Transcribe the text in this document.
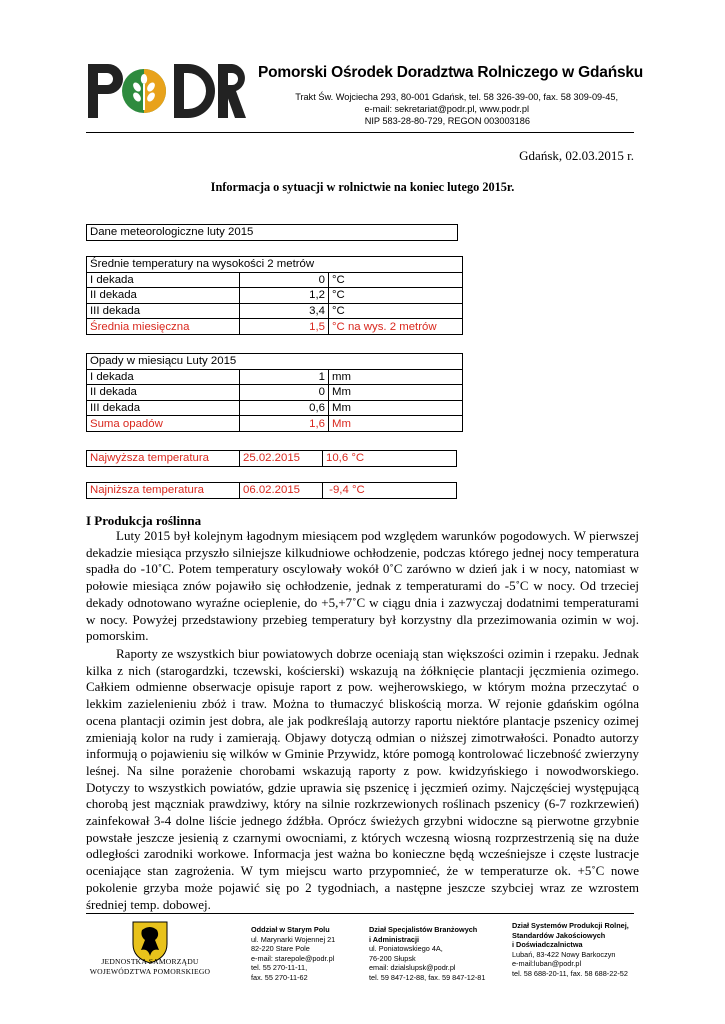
Pomorski Ośrodek Doradztwa Rolniczego w Gdańsku
Trakt Św. Wojciecha 293, 80-001 Gdańsk, tel. 58 326-39-00, fax. 58 309-09-45,
e-mail: sekretariat@podr.pl, www.podr.pl
NIP 583-28-80-729, REGON 003003186
Gdańsk, 02.03.2015 r.
Informacja o sytuacji w rolnictwie na koniec lutego 2015r.
Dane meteorologiczne luty 2015
Średnie temperatury na wysokości 2 metrów		
I dekada	0	°C
II dekada	1,2	°C
III dekada	3,4	°C
Średnia miesięczna	1,5	°C na wys. 2 metrów
Opady w miesiącu Luty 2015		
I dekada	1	mm
II dekada	0	Mm
III dekada	0,6	Mm
Suma opadów	1,6	Mm
Najwyższa temperatura	25.02.2015	10,6 °C
Najniższa temperatura	06.02.2015	-9,4 °C
I Produkcja roślinna
Luty 2015 był kolejnym łagodnym miesiącem pod względem warunków pogodowych. W pierwszej dekadzie miesiąca przyszło silniejsze kilkudniowe ochłodzenie, podczas którego jednej nocy temperatura spadła do -10˚C. Potem temperatury oscylowały wokół 0˚C zarówno w dzień jak i w nocy, natomiast w połowie miesiąca znów pojawiło się ochłodzenie, jednak z temperaturami do -5˚C w nocy. Od trzeciej dekady odnotowano wyraźne ocieplenie, do +5,+7˚C w ciągu dnia i zazwyczaj dodatnimi temperaturami w nocy. Powyżej przedstawiony przebieg temperatury był korzystny dla przezimowania ozimin w woj. pomorskim.
Raporty ze wszystkich biur powiatowych dobrze oceniają stan większości ozimin i rzepaku. Jednak kilka z nich (starogardzki, tczewski, kościerski) wskazują na żółknięcie plantacji jęczmienia ozimego. Całkiem odmienne obserwacje opisuje raport z pow. wejherowskiego, w którym można przeczytać o lekkim zazielenieniu zbóż i traw. Można to tłumaczyć bliskością morza. W rejonie gdańskim ogólna ocena plantacji ozimin jest dobra, ale jak podkreślają autorzy raportu niektóre plantacje pszenicy ozimej zmieniają kolor na rudy i zamierają. Objawy dotyczą odmian o niższej zimotrwałości. Ponadto autorzy informują o pojawieniu się wilków w Gminie Przywidz, które pomogą kontrolować liczebność zwierzyny leśnej. Na silne porażenie chorobami wskazują raporty z pow. kwidzyńskiego i nowodworskiego. Dotyczy to wszystkich powiatów, gdzie uprawia się pszenicę i jęczmień ozimy. Najczęściej występującą chorobą jest mączniak prawdziwy, który na silnie rozkrzewionych roślinach pszenicy (6-7 rozkrzewień) zainfekował 3-4 dolne liście jednego źdźbła. Oprócz świeżych grzybni widoczne są pierwotne grzybnie powstałe jeszcze jesienią z czarnymi owocniami, z których wczesną wiosną rozprzestrzenią się na duże odległości zarodniki workowe. Informacja jest ważna bo konieczne będą wcześniejsze i częste lustracje oceniające stan zagrożenia. W tym miejscu warto przypomnieć, że w temperaturze ok. +5˚C nowe pokolenie grzyba może pojawić się po 2 tygodniach, a następne jeszcze szybciej wraz ze wzrostem średniej temp. dobowej.
JEDNOSTKA SAMORZĄDU
WOJEWÓDZTWA POMORSKIEGO
Oddział w Starym Polu
ul. Marynarki Wojennej 21
82-220 Stare Pole
e-mail: starepole@podr.pl
tel. 55 270-11-11,
fax. 55 270-11-62
Dział Specjalistów Branżowych
i Administracji
ul. Poniatowskiego 4A,
76-200 Słupsk
email: dzialslupsk@podr.pl
tel. 59 847-12-88, fax. 59 847-12-81
Dział Systemów Produkcji Rolnej,
Standardów Jakościowych
i Doświadczalnictwa
Lubań, 83-422 Nowy Barkoczyn
e-mail:luban@podr.pl
tel. 58 688-20-11, fax. 58 688-22-52
